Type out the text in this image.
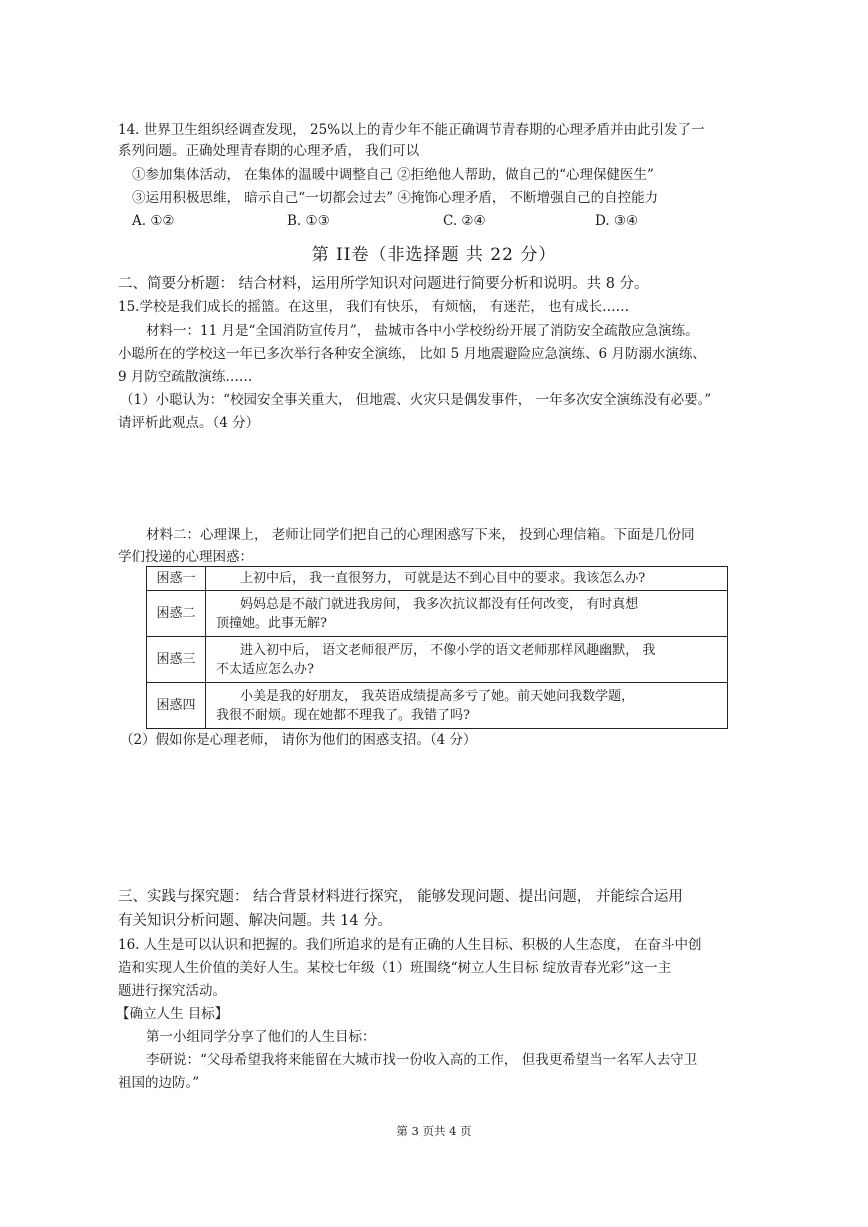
14. 世界卫生组织经调查发现， 25%以上的青少年不能正确调节青春期的心理矛盾并由此引发了一
系列问题。正确处理青春期的心理矛盾， 我们可以
①参加集体活动， 在集体的温暖中调整自己 ②拒绝他人帮助，做自己的“心理保健医生”
③运用积极思维， 暗示自己“一切都会过去” ④掩饰心理矛盾， 不断增强自己的自控能力
A. ①②	B. ①③	C. ②④	D. ③④
第 II卷（非选择题 共 22 分）
二、简要分析题： 结合材料，运用所学知识对问题进行简要分析和说明。共 8 分。
15.学校是我们成长的摇篮。在这里， 我们有快乐， 有烦恼， 有迷茫， 也有成长……
材料一：11 月是“全国消防宣传月”， 盐城市各中小学校纷纷开展了消防安全疏散应急演练。
小聪所在的学校这一年已多次举行各种安全演练， 比如 5 月地震避险应急演练、6 月防溺水演练、
9 月防空疏散演练……
（1）小聪认为：“校园安全事关重大， 但地震、火灾只是偶发事件， 一年多次安全演练没有必要。”
请评析此观点。（4 分）
材料二：心理课上， 老师让同学们把自己的心理困惑写下来， 投到心理信箱。下面是几份同
学们投递的心理困惑：
困惑一	上初中后， 我一直很努力， 可就是达不到心目中的要求。我该怎么办?
困惑二	妈妈总是不敲门就进我房间， 我多次抗议都没有任何改变， 有时真想
顶撞她。此事无解?
困惑三	进入初中后， 语文老师很严厉， 不像小学的语文老师那样风趣幽默， 我
不太适应怎么办?
困惑四	小美是我的好朋友， 我英语成绩提高多亏了她。前天她问我数学题，
我很不耐烦。现在她都不理我了。我错了吗?
（2）假如你是心理老师， 请你为他们的困惑支招。（4 分）
三、实践与探究题： 结合背景材料进行探究， 能够发现问题、提出问题， 并能综合运用
有关知识分析问题、解决问题。共 14 分。
16. 人生是可以认识和把握的。我们所追求的是有正确的人生目标、积极的人生态度， 在奋斗中创
造和实现人生价值的美好人生。某校七年级（1）班围绕“树立人生目标 绽放青春光彩”这一主
题进行探究活动。
【确立人生 目标】
第一小组同学分享了他们的人生目标：
李研说：“父母希望我将来能留在大城市找一份收入高的工作， 但我更希望当一名军人去守卫
祖国的边防。”
第 3 页共 4 页
